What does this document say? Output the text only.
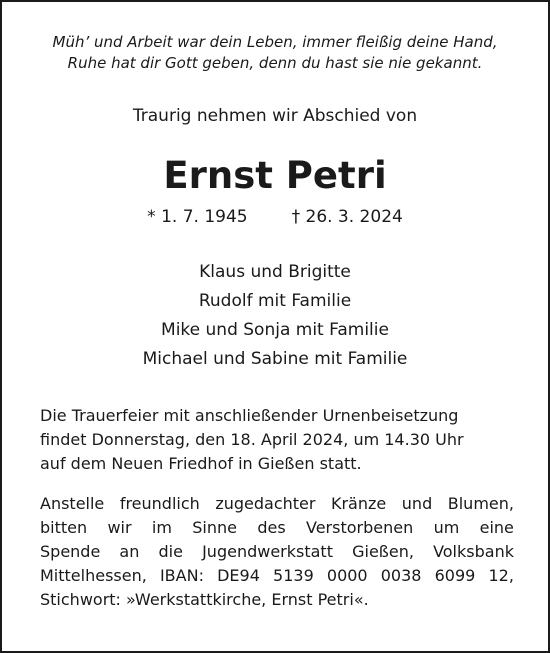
Müh’ und Arbeit war dein Leben, immer fleißig deine Hand,
Ruhe hat dir Gott geben, denn du hast sie nie gekannt.
Traurig nehmen wir Abschied von
Ernst Petri
* 1. 7. 1945	† 26. 3. 2024
Klaus und Brigitte
Rudolf mit Familie
Mike und Sonja mit Familie
Michael und Sabine mit Familie
Die Trauerfeier mit anschließender Urnenbeisetzung
findet Donnerstag, den 18. April 2024, um 14.30 Uhr
auf dem Neuen Friedhof in Gießen statt.
Anstelle freundlich zugedachter Kränze und Blumen,
bitten wir im Sinne des Verstorbenen um eine
Spende an die Jugendwerkstatt Gießen, Volksbank
Mittelhessen, IBAN: DE94 5139 0000 0038 6099 12,
Stichwort: »Werkstattkirche, Ernst Petri«.
